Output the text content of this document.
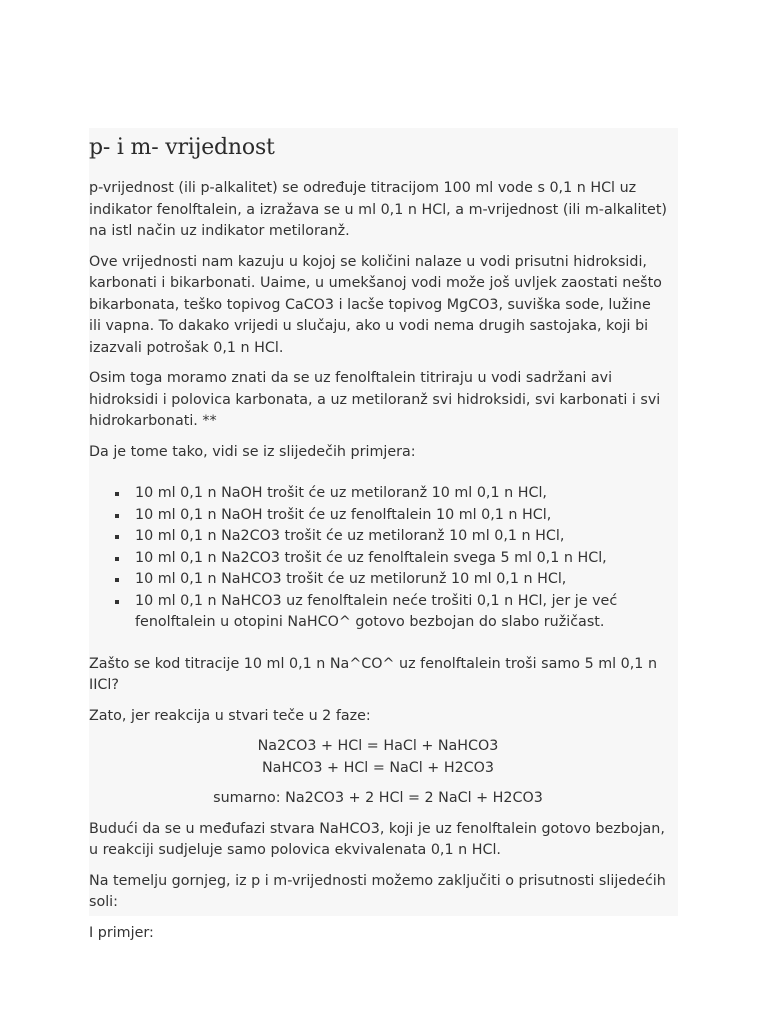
p- i m- vrijednost

p-vrijednost (ili p-alkalitet) se određuje titracijom 100 ml vode s 0,1 n HCl uz indikator fenolftalein, a izražava se u ml 0,1 n HCl, a m-vrijednost (ili m-alkalitet) na istl način uz indikator metiloranž.

Ove vrijednosti nam kazuju u kojoj se količini nalaze u vodi prisutni hidroksidi, karbonati i bikarbonati. Uaime, u umekšanoj vodi može još uvljek zaostati nešto bikarbonata, teško topivog CaCO3 i lacše topivog MgCO3, suviška sode, lužine ili vapna. To dakako vrijedi u slučaju, ako u vodi nema drugih sastojaka, koji bi izazvali potrošak 0,1 n HCl.

Osim toga moramo znati da se uz fenolftalein titriraju u vodi sadržani avi hidroksidi i polovica karbonata, a uz metiloranž svi hidroksidi, svi karbonati i svi hidrokarbonati. **

Da je tome tako, vidi se iz slijedečih primjera:

10 ml 0,1 n NaOH trošit će uz metiloranž 10 ml 0,1 n HCl,
10 ml 0,1 n NaOH trošit će uz fenolftalein 10 ml 0,1 n HCl,
10 ml 0,1 n Na2CO3 trošit će uz metiloranž 10 ml 0,1 n HCl,
10 ml 0,1 n Na2CO3 trošit će uz fenolftalein svega 5 ml 0,1 n HCl,
10 ml 0,1 n NaHCO3 trošit će uz metilorunž 10 ml 0,1 n HCl,
10 ml 0,1 n NaHCO3 uz fenolftalein neće trošiti 0,1 n HCl, jer je već fenolftalein u otopini NaHCO^ gotovo bezbojan do slabo ružičast.

Zašto se kod titracije 10 ml 0,1 n Na^CO^ uz fenolftalein troši samo 5 ml 0,1 n IICl?

Zato, jer reakcija u stvari teče u 2 faze:

Na2CO3 + HCl = HaCl + NaHCO3

NaHCO3 + HCl = NaCl + H2CO3

sumarno: Na2CO3 + 2 HCl = 2 NaCl + H2CO3

Budući da se u međufazi stvara NaHCO3, koji je uz fenolftalein gotovo bezbojan, u reakciji sudjeluje samo polovica ekvivalenata 0,1 n HCl.

Na temelju gornjeg, iz p i m-vrijednosti možemo zaključiti o prisutnosti slijedećih soli:

I primjer:
